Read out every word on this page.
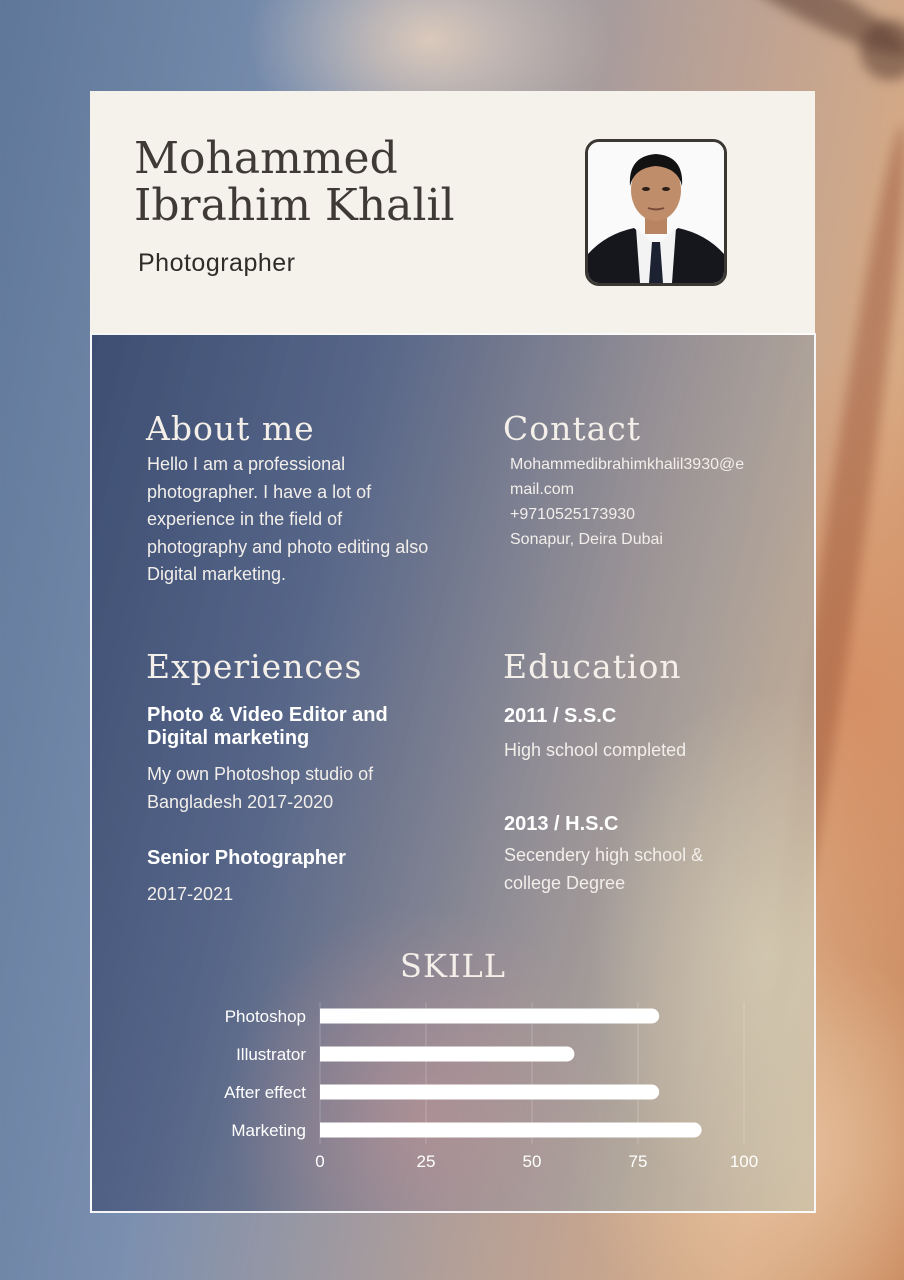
Mohammed
Ibrahim Khalil
Photographer
About me
Hello I am a professional
photographer. I have a lot of
experience in the field of
photography and photo editing also
Digital marketing.
Contact
Mohammedibrahimkhalil3930@e
mail.com
+9710525173930
Sonapur, Deira Dubai
Experiences
Photo & Video Editor and
Digital marketing
My own Photoshop studio of
Bangladesh 2017-2020
Senior Photographer
2017-2021
Education
2011 / S.S.C
High school completed
2013 / H.S.C
Secendery high school &
college Degree
SKILL
0	25	50	75	100
Photoshop
Illustrator
After effect
Marketing
